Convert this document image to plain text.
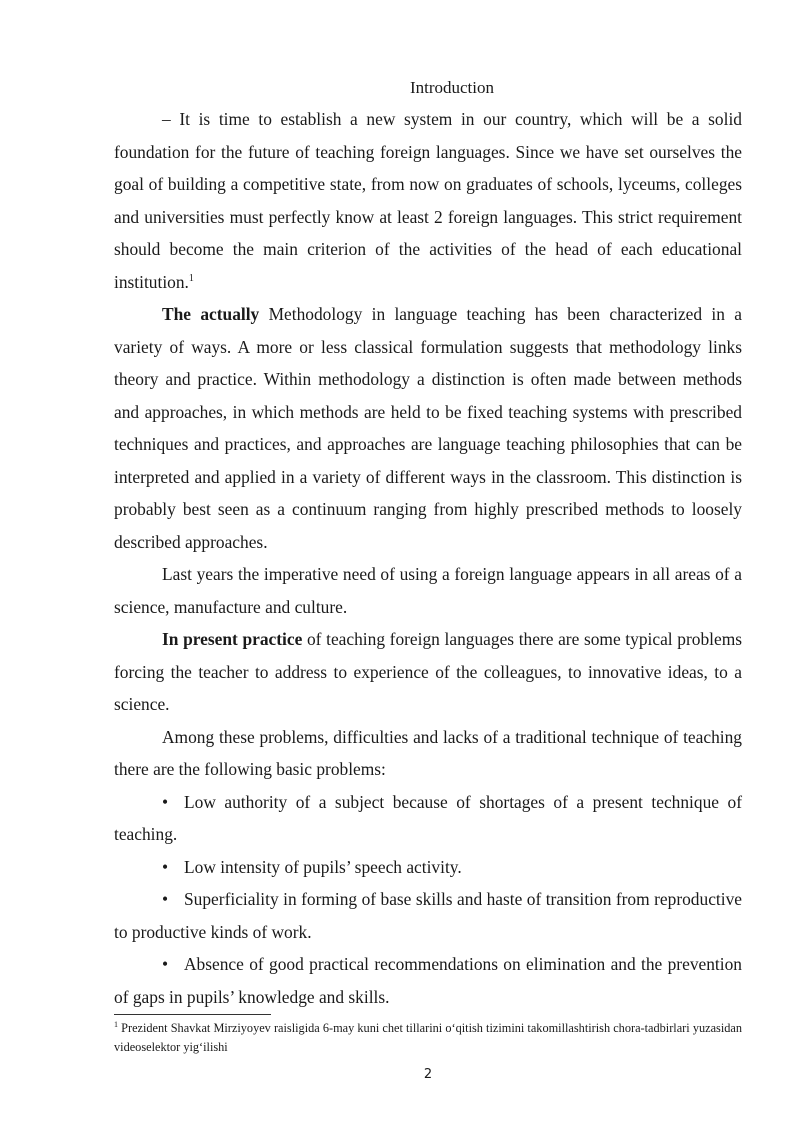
Introduction

– It is time to establish a new system in our country, which will be a solid foundation for the future of teaching foreign languages. Since we have set ourselves the goal of building a competitive state, from now on graduates of schools, lyceums, colleges and universities must perfectly know at least 2 foreign languages. This strict requirement should become the main criterion of the activities of the head of each educational institution.$^1$

The actually Methodology in language teaching has been characterized in a variety of ways. A more or less classical formulation suggests that methodology links theory and practice. Within methodology a distinction is often made between methods and approaches, in which methods are held to be fixed teaching systems with prescribed techniques and practices, and approaches are language teaching philosophies that can be interpreted and applied in a variety of different ways in the classroom. This distinction is probably best seen as a continuum ranging from highly prescribed methods to loosely described approaches.

Last years the imperative need of using a foreign language appears in all areas of a science, manufacture and culture.

In present practice of teaching foreign languages there are some typical problems forcing the teacher to address to experience of the colleagues, to innovative ideas, to a science.

Among these problems, difficulties and lacks of a traditional technique of teaching there are the following basic problems:

• Low authority of a subject because of shortages of a present technique of teaching.

• Low intensity of pupils’ speech activity.

• Superficiality in forming of base skills and haste of transition from reproductive to productive kinds of work.

• Absence of good practical recommendations on elimination and the prevention of gaps in pupils’ knowledge and skills.

$^1$ Prezident Shavkat Mirziyoyev raisligida 6-may kuni chet tillarini o‘qitish tizimini takomillashtirish chora-tadbirlari yuzasidan videoselektor yig‘ilishi
2
